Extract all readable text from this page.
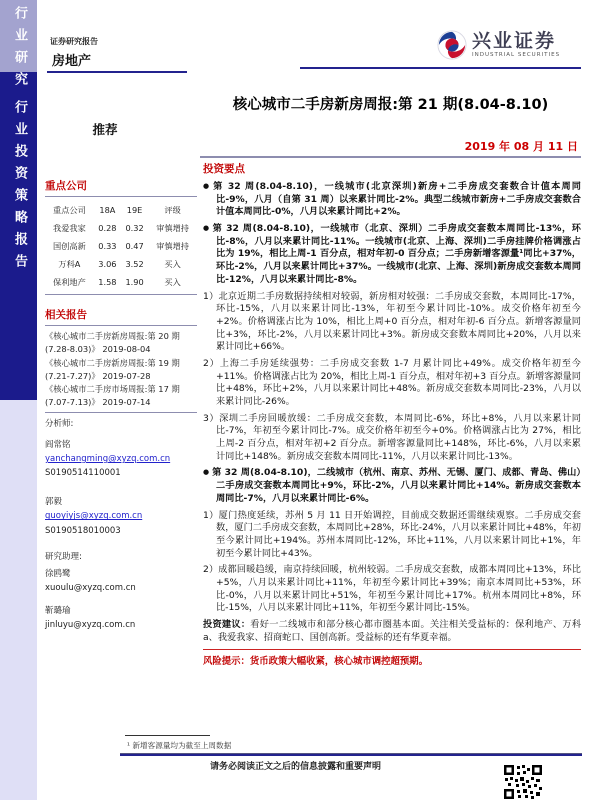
行业研究
行业投资策略报告
证券研究报告
房地产
兴业证券
INDUSTRIAL SECURITIES
核心城市二手房新房周报:第 21 期(8.04-8.10)
推荐
2019 年 08 月 11 日
重点公司
重点公司	18A	19E	评级
我爱我家	0.28	0.32	审慎增持
国创高新	0.33	0.47	审慎增持
万科A	3.06	3.52	买入
保利地产	1.58	1.90	买入
相关报告
《核心城市二手房新房周报:第 20 期(7.28-8.03)》 2019-08-04
《核心城市二手房新房周报:第 19 期(7.21-7.27)》 2019-07-28
《核心城市二手房市场周报:第 17 期(7.07-7.13)》 2019-07-14
分析师:
阎常铭
yanchangming@xyzq.com.cn
S0190514110001
郭毅
guoyiyjs@xyzq.com.cn
S0190518010003
研究助理:
徐鸥鹭
xuoulu@xyzq.com.cn
靳璐瑜
jinluyu@xyzq.com.cn
投资要点
● 第 32 周(8.04-8.10)，一线城市(北京深圳)新房+二手房成交套数合计值本周同比-9%，八月（自第 31 周）以来累计同比-2%。典型二线城市新房+二手房成交套数合计值本周同比-0%，八月以来累计同比+2%。
● 第 32 周(8.04-8.10)，一线城市（北京、深圳）二手房成交套数本周同比-13%，环比-8%，八月以来累计同比-11%。一线城市(北京、上海、深圳)二手房挂牌价格调涨占比为 19%，相比上周-1 百分点，相对年初-0 百分点；二手房新增客源量¹同比+37%，环比-2%，八月以来累计同比+37%。一线城市(北京、上海、深圳)新房成交套数本周同比-12%，八月以来累计同比-8%。
1）北京近期二手房数据持续相对较弱，新房相对较强：二手房成交套数，本周同比-17%，环比-15%，八月以来累计同比-13%，年初至今累计同比-10%。成交价格年初至今+2%。价格调涨占比为 10%，相比上周+0 百分点，相对年初-6 百分点。新增客源量同比+3%，环比-2%，八月以来累计同比+3%。新房成交套数本周同比+20%，八月以来累计同比+66%。
2）上海二手房延续强势：二手房成交套数 1-7 月累计同比+49%。成交价格年初至今+11%。价格调涨占比为 20%，相比上周-1 百分点，相对年初+3 百分点。新增客源量同比+48%，环比+2%，八月以来累计同比+48%。新房成交套数本周同比-23%，八月以来累计同比-26%。
3）深圳二手房回暖放缓：二手房成交套数，本周同比-6%，环比+8%，八月以来累计同比-7%，年初至今累计同比-7%。成交价格年初至今+0%。价格调涨占比为 27%，相比上周-2 百分点，相对年初+2 百分点。新增客源量同比+148%，环比-6%，八月以来累计同比+148%。新房成交套数本周同比-11%，八月以来累计同比-13%。
● 第 32 周(8.04-8.10)，二线城市（杭州、南京、苏州、无锡、厦门、成都、青岛、佛山）二手房成交套数本周同比+9%，环比-2%，八月以来累计同比+14%。新房成交套数本周同比-7%，八月以来累计同比-6%。
1）厦门热度延续，苏州 5 月 11 日开始调控，目前成交数据还需继续观察。二手房成交套数，厦门二手房成交套数，本周同比+28%，环比-24%，八月以来累计同比+48%，年初至今累计同比+194%。苏州本周同比-12%，环比+11%，八月以来累计同比+1%，年初至今累计同比+43%。
2）成都回暖趋缓，南京持续回暖，杭州较弱。二手房成交套数，成都本周同比+13%，环比+5%，八月以来累计同比+11%，年初至今累计同比+39%；南京本周同比+53%，环比-0%，八月以来累计同比+51%，年初至今累计同比+17%。杭州本周同比+8%，环比-15%，八月以来累计同比+11%，年初至今累计同比-15%。
投资建议：看好一二线城市和部分核心都市圈基本面。关注相关受益标的：保利地产、万科a、我爱我家、招商蛇口、国创高新。受益标的还有华夏幸福。
风险提示：货币政策大幅收紧，核心城市调控超预期。
¹ 新增客源量均为截至上周数据
请务必阅读正文之后的信息披露和重要声明
